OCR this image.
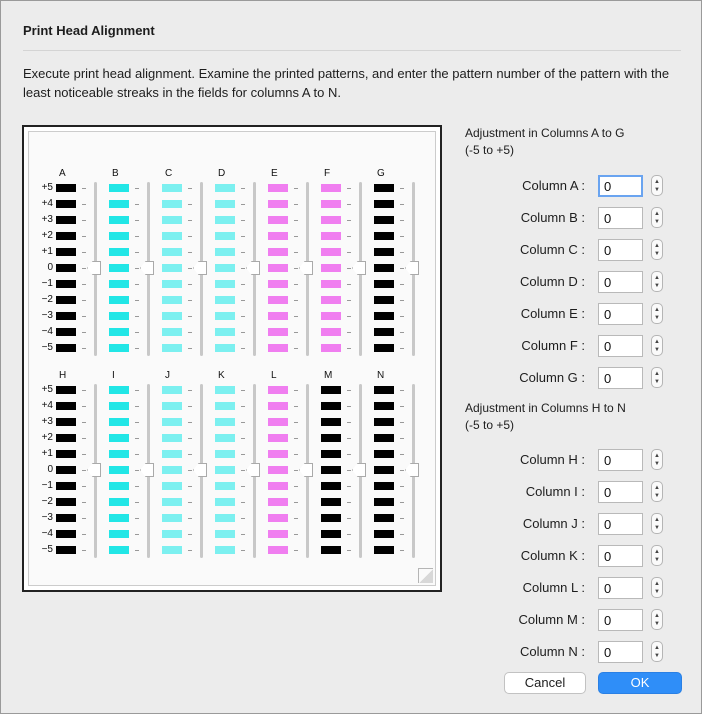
Print Head Alignment
Execute print head alignment. Examine the printed patterns, and enter the pattern number of the pattern with the least noticeable streaks in the fields for columns A to N.
A
+5
+4
+3
+2
+1
0
−1
−2
−3
−4
−5
B	C	D	E	F	G
H
+5
+4
+3
+2
+1
0
−1
−2
−3
−4
−5
I	J	K	L	M	N
Adjustment in Columns A to G
(-5 to +5)
Column A :
0	▲
▼
Column B :
0	▲
▼
Column C :
0	▲
▼
Column D :
0	▲
▼
Column E :
0	▲
▼
Column F :
0	▲
▼
Column G :
0	▲
▼
Adjustment in Columns H to N
(-5 to +5)
Column H :
0	▲
▼
Column I :
0	▲
▼
Column J :
0	▲
▼
Column K :
0	▲
▼
Column L :
0	▲
▼
Column M :
0	▲
▼
Column N :
0	▲
▼
Cancel	OK
